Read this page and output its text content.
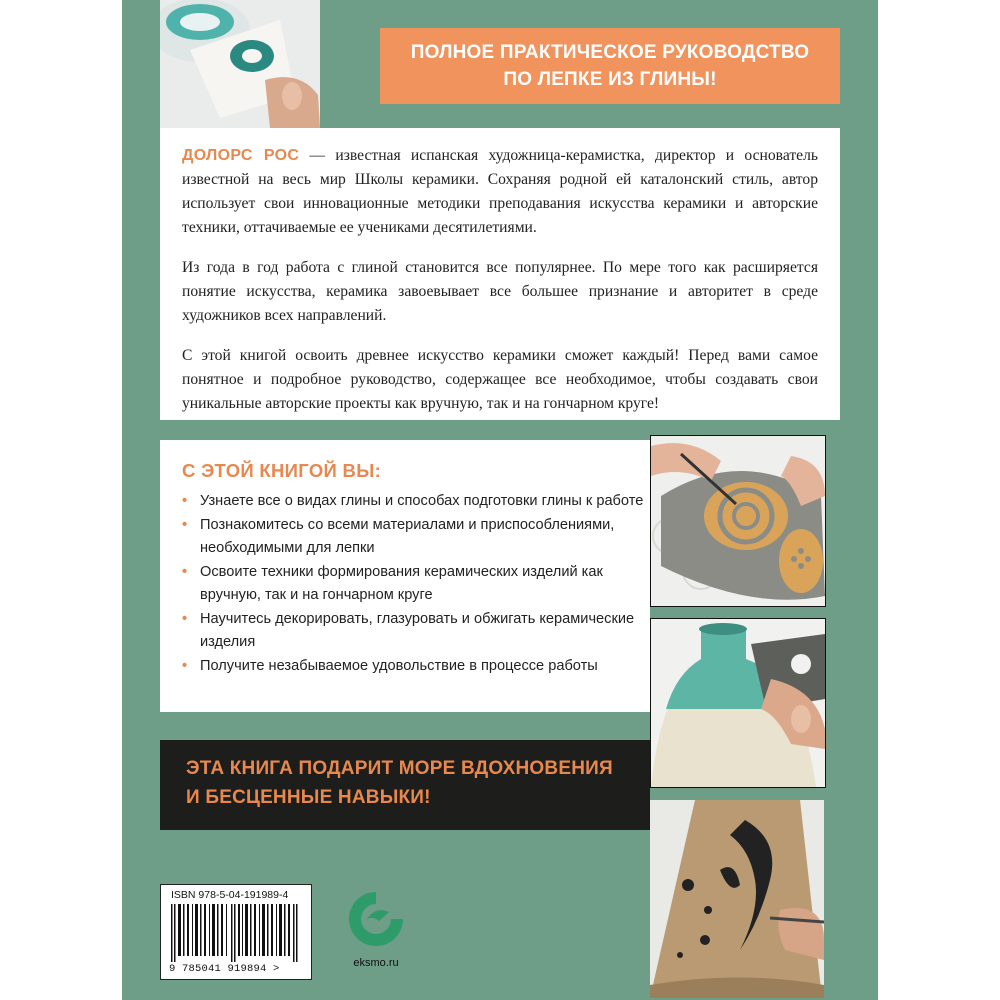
ПОЛНОЕ ПРАКТИЧЕСКОЕ РУКОВОДСТВО
ПО ЛЕПКЕ ИЗ ГЛИНЫ!

ДОЛОРС РОС — известная испанская художница-керамистка, директор и основатель известной на весь мир Школы керамики. Сохраняя родной ей каталонский стиль, автор использует свои инновационные методики преподавания искусства керамики и авторские техники, оттачиваемые ее учениками десятилетиями.

Из года в год работа с глиной становится все популярнее. По мере того как расширяется понятие искусства, керамика завоевывает все большее признание и авторитет в среде художников всех направлений.

С этой книгой освоить древнее искусство керамики сможет каждый! Перед вами самое понятное и подробное руководство, содержащее все необходимое, чтобы создавать свои уникальные авторские проекты как вручную, так и на гончарном круге!

С ЭТОЙ КНИГОЙ ВЫ:
• Узнаете все о видах глины и способах подготовки глины к работе
• Познакомитесь со всеми материалами и приспособлениями, необходимыми для лепки
• Освоите техники формирования керамических изделий как вручную, так и на гончарном круге
• Научитесь декорировать, глазуровать и обжигать керамические изделия
• Получите незабываемое удовольствие в процессе работы
ЭТА КНИГА ПОДАРИТ МОРЕ ВДОХНОВЕНИЯ
И БЕСЦЕННЫЕ НАВЫКИ!
ISBN 978-5-04-191989-4
9 785041 919894 >	eksmo.ru
